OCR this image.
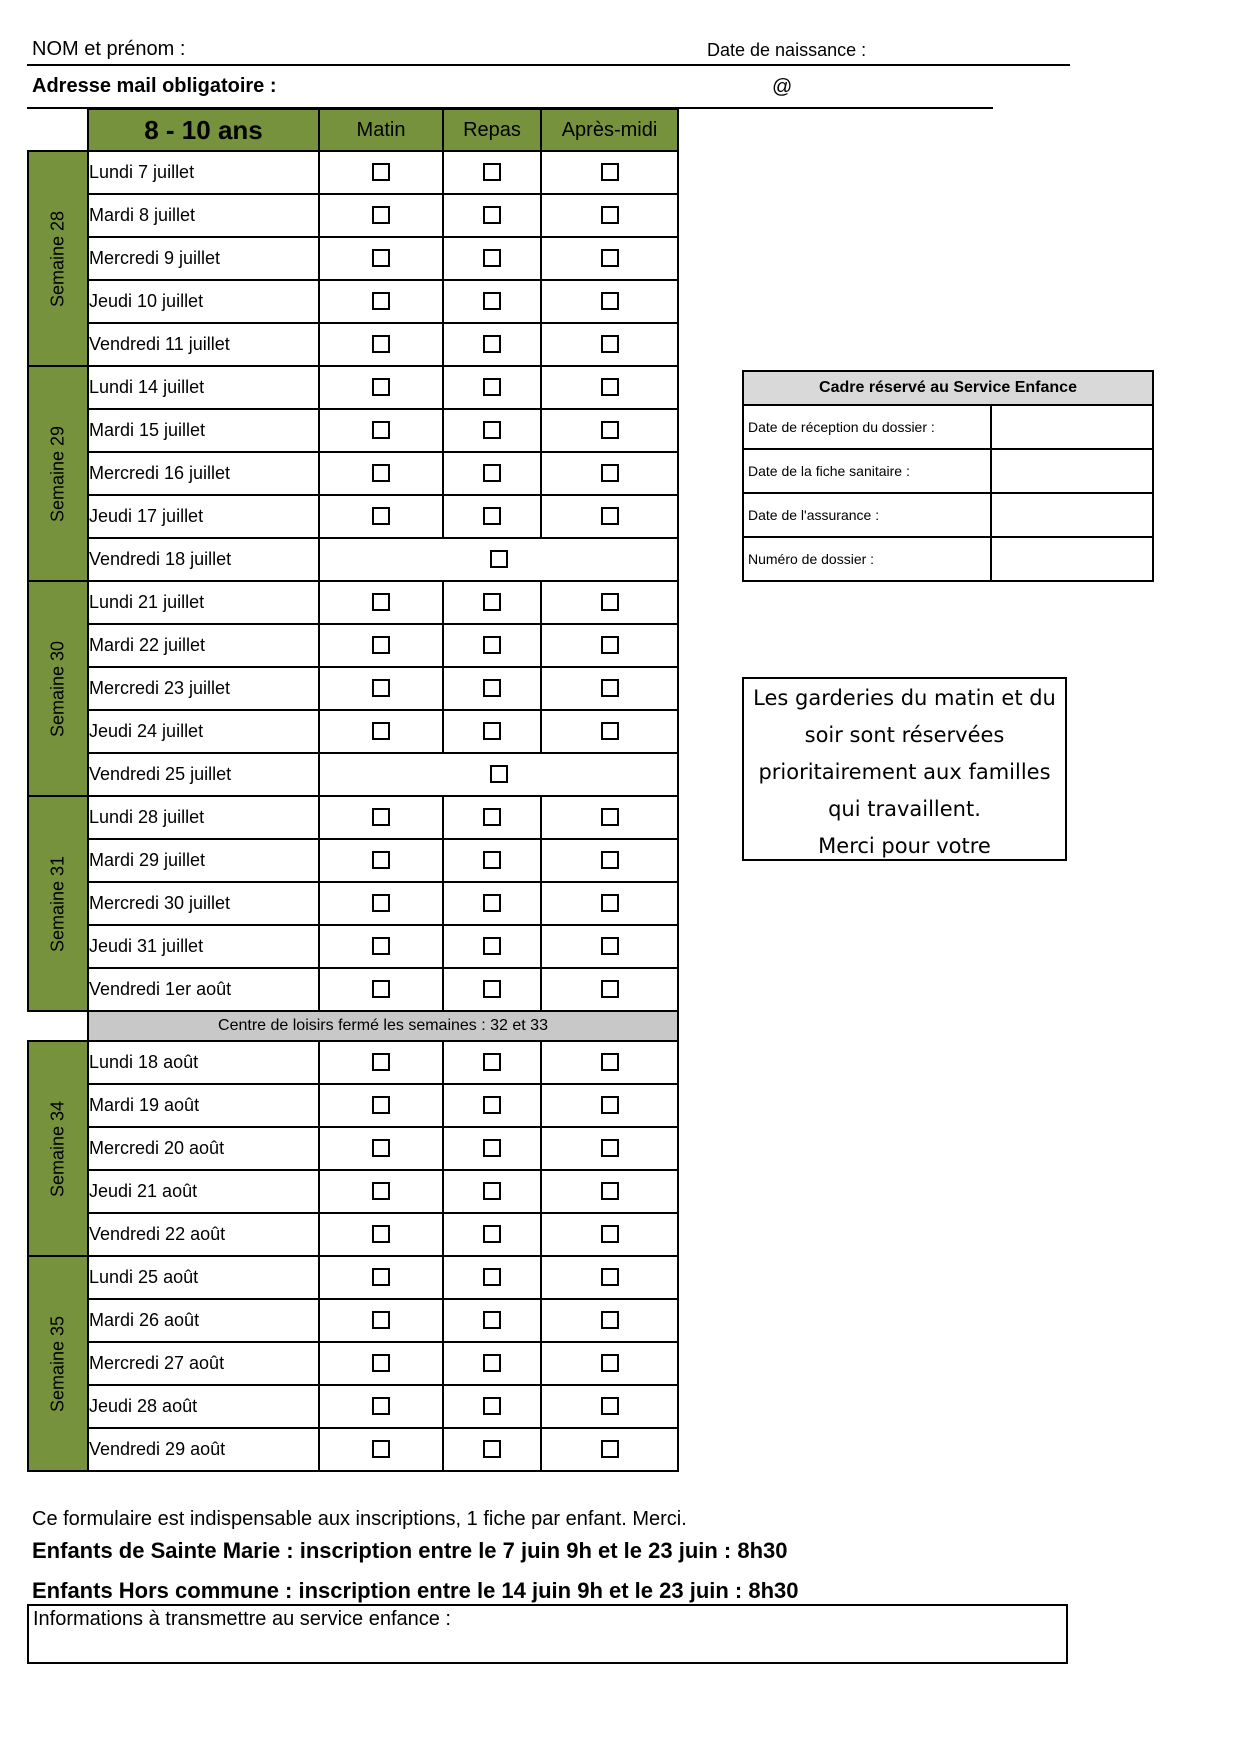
NOM et prénom :	Date de naissance :
Adresse mail obligatoire :	@
	8 - 10 ans	Matin	Repas	Après-midi

Semaine 28	Lundi 7 juillet			
	Mardi 8 juillet			
	Mercredi 9 juillet			
	Jeudi 10 juillet			
	Vendredi 11 juillet			

Semaine 29	Lundi 14 juillet			
	Mardi 15 juillet			
	Mercredi 16 juillet			
	Jeudi 17 juillet			
	Vendredi 18 juillet			

Semaine 30	Lundi 21 juillet			
	Mardi 22 juillet			
	Mercredi 23 juillet			
	Jeudi 24 juillet			
	Vendredi 25 juillet			

Semaine 31	Lundi 28 juillet			
	Mardi 29 juillet			
	Mercredi 30 juillet			
	Jeudi 31 juillet			
	Vendredi 1er août			
	Centre de loisirs fermé les semaines : 32 et 33			

Semaine 34	Lundi 18 août			
	Mardi 19 août			
	Mercredi 20 août			
	Jeudi 21 août			
	Vendredi 22 août			

Semaine 35	Lundi 25 août			
	Mardi 26 août			
	Mercredi 27 août			
	Jeudi 28 août			
	Vendredi 29 août			
Cadre réservé au Service Enfance	
Date de réception du dossier :	
Date de la fiche sanitaire :	
Date de l'assurance :	
Numéro de dossier :	
Les garderies du matin et du
soir sont réservées
prioritairement aux familles
qui travaillent.
Merci pour votre
Ce formulaire est indispensable aux inscriptions, 1 fiche par enfant. Merci.
Enfants de Sainte Marie : inscription entre le 7 juin 9h et le 23 juin : 8h30
Enfants Hors commune : inscription entre le 14 juin 9h et le 23 juin : 8h30
Informations à transmettre au service enfance :
